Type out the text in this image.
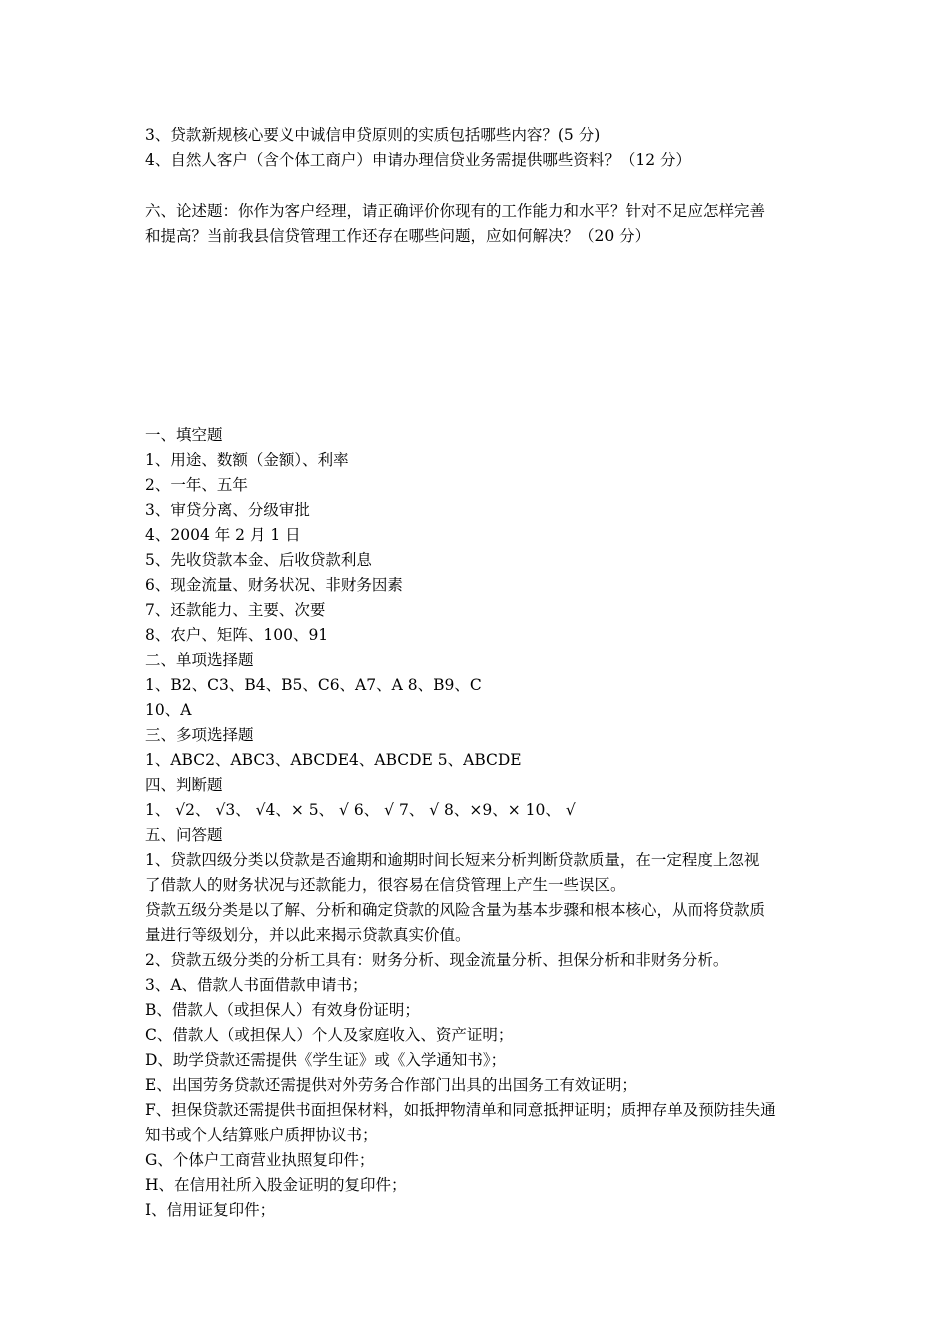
3、贷款新规核心要义中诚信申贷原则的实质包括哪些内容？(5 分)
4、自然人客户（含个体工商户）申请办理信贷业务需提供哪些资料？（12 分）
六、论述题：你作为客户经理，请正确评价你现有的工作能力和水平？针对不足应怎样完善
和提高？当前我县信贷管理工作还存在哪些问题，应如何解决？（20 分）
一、填空题
1、用途、数额（金额）、利率
2、一年、五年
3、审贷分离、分级审批
4、2004 年 2 月 1 日
5、先收贷款本金、后收贷款利息
6、现金流量、财务状况、非财务因素
7、还款能力、主要、次要
8、农户、矩阵、100、91
二、单项选择题
1、B2、C3、B4、B5、C6、A7、A 8、B9、C
10、A
三、多项选择题
1、ABC2、ABC3、ABCDE4、ABCDE 5、ABCDE
四、判断题
1、 √2、 √3、 √4、× 5、 √ 6、 √ 7、 √ 8、×9、× 10、 √
五、问答题
1、贷款四级分类以贷款是否逾期和逾期时间长短来分析判断贷款质量，在一定程度上忽视
了借款人的财务状况与还款能力，很容易在信贷管理上产生一些误区。
贷款五级分类是以了解、分析和确定贷款的风险含量为基本步骤和根本核心，从而将贷款质
量进行等级划分，并以此来揭示贷款真实价值。
2、贷款五级分类的分析工具有：财务分析、现金流量分析、担保分析和非财务分析。
3、A、借款人书面借款申请书；
B、借款人（或担保人）有效身份证明；
C、借款人（或担保人）个人及家庭收入、资产证明；
D、助学贷款还需提供《学生证》或《入学通知书》；
E、出国劳务贷款还需提供对外劳务合作部门出具的出国务工有效证明；
F、担保贷款还需提供书面担保材料，如抵押物清单和同意抵押证明；质押存单及预防挂失通
知书或个人结算账户质押协议书；
G、个体户工商营业执照复印件；
H、在信用社所入股金证明的复印件；
I、信用证复印件；
